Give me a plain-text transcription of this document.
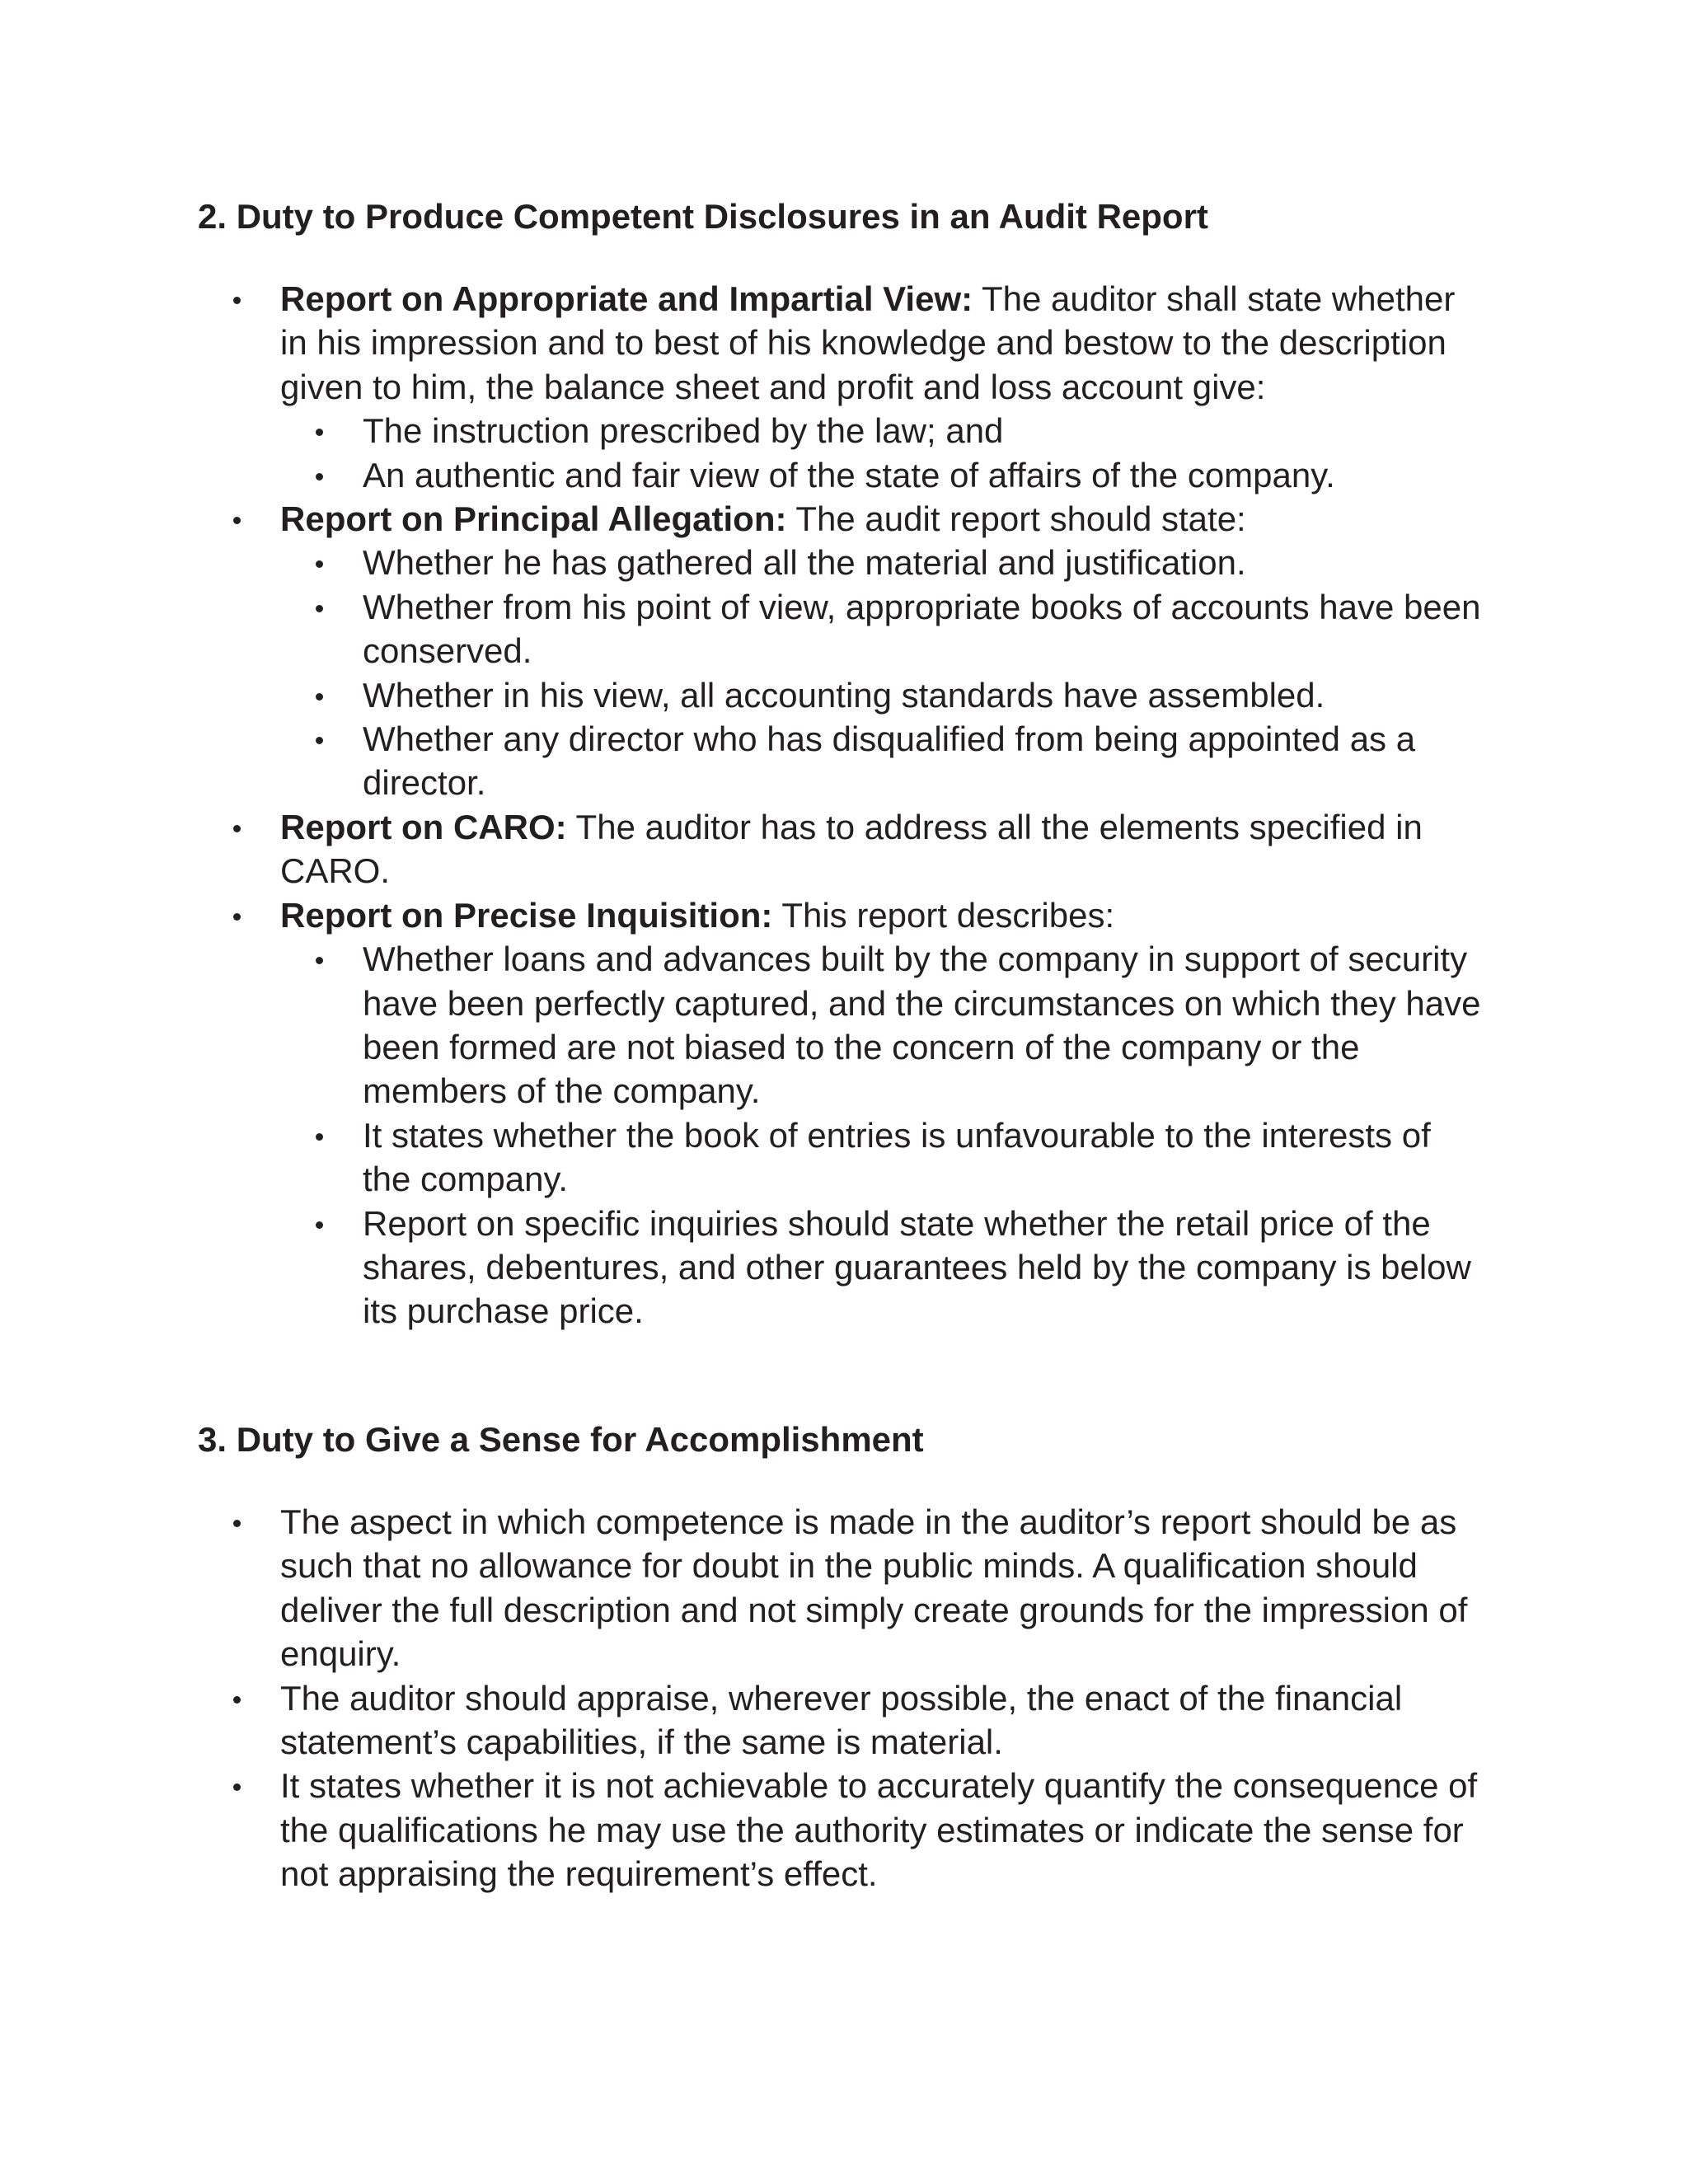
2. Duty to Produce Competent Disclosures in an Audit Report
Report on Appropriate and Impartial View: The auditor shall state whether in his impression and to best of his knowledge and bestow to the description given to him, the balance sheet and profit and loss account give:
The instruction prescribed by the law; and
An authentic and fair view of the state of affairs of the company.
Report on Principal Allegation: The audit report should state:
Whether he has gathered all the material and justification.
Whether from his point of view, appropriate books of accounts have been conserved.
Whether in his view, all accounting standards have assembled.
Whether any director who has disqualified from being appointed as a director.
Report on CARO: The auditor has to address all the elements specified in CARO.
Report on Precise Inquisition: This report describes:
Whether loans and advances built by the company in support of security have been perfectly captured, and the circumstances on which they have been formed are not biased to the concern of the company or the members of the company.
It states whether the book of entries is unfavourable to the interests of the company.
Report on specific inquiries should state whether the retail price of the shares, debentures, and other guarantees held by the company is below its purchase price.
3. Duty to Give a Sense for Accomplishment
The aspect in which competence is made in the auditor’s report should be as such that no allowance for doubt in the public minds. A qualification should deliver the full description and not simply create grounds for the impression of enquiry.
The auditor should appraise, wherever possible, the enact of the financial statement’s capabilities, if the same is material.
It states whether it is not achievable to accurately quantify the consequence of the qualifications he may use the authority estimates or indicate the sense for not appraising the requirement’s effect.
